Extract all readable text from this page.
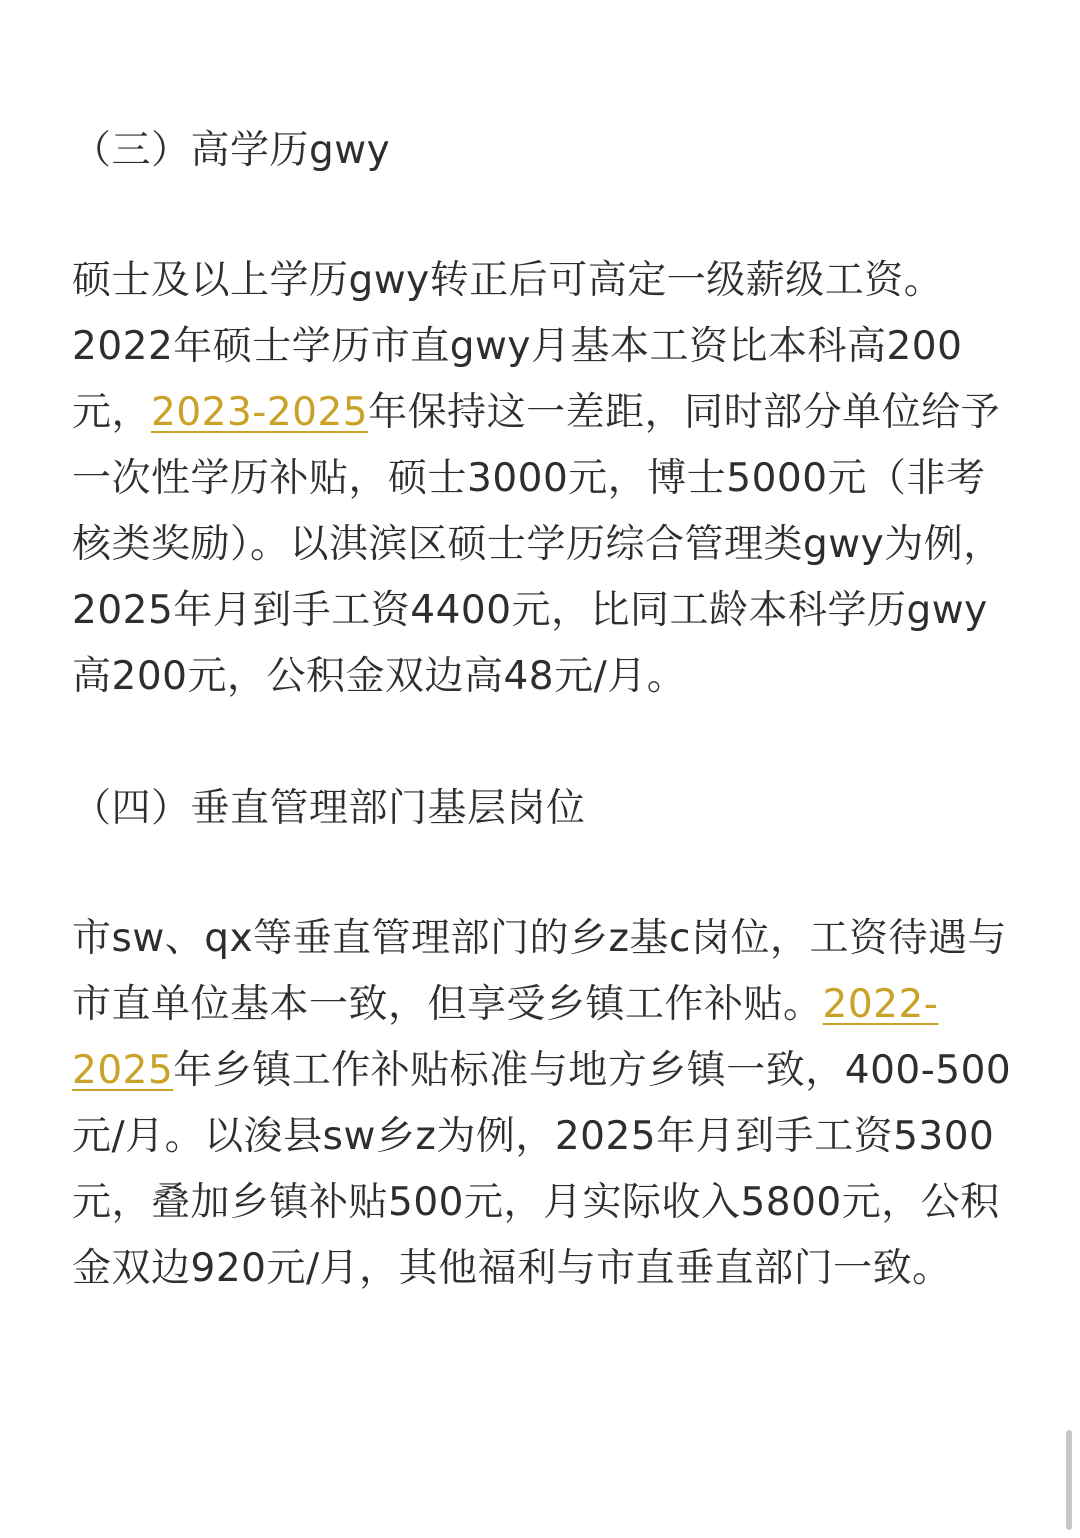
（三）高学历gwy

硕士及以上学历gwy转正后可高定一级薪级工资。2022年硕士学历市直gwy月基本工资比本科高200元，2023-2025年保持这一差距，同时部分单位给予一次性学历补贴，硕士3000元，博士5000元（非考核类奖励）。以淇滨区硕士学历综合管理类gwy为例，2025年月到手工资4400元，比同工龄本科学历gwy高200元，公积金双边高48元/月。

（四）垂直管理部门基层岗位

市sw、qx等垂直管理部门的乡z基c岗位，工资待遇与市直单位基本一致，但享受乡镇工作补贴。2022-2025年乡镇工作补贴标准与地方乡镇一致，400-500元/月。以浚县sw乡z为例，2025年月到手工资5300元，叠加乡镇补贴500元，月实际收入5800元，公积金双边920元/月，其他福利与市直垂直部门一致。
